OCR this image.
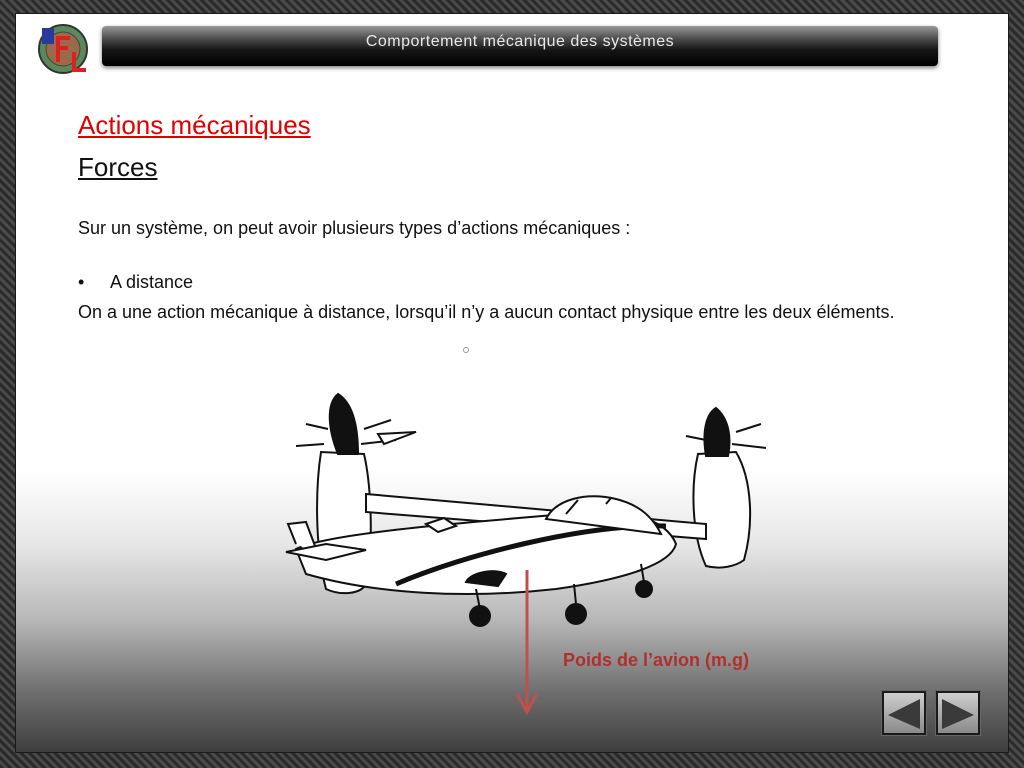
Comportement mécanique des systèmes
Actions mécaniques
Forces

Sur un système, on peut avoir plusieurs types d’actions mécaniques :

•	A distance

On a une action mécanique à distance, lorsqu’il n’y a aucun contact physique entre les deux éléments.

Poids de l’avion (m.g)
